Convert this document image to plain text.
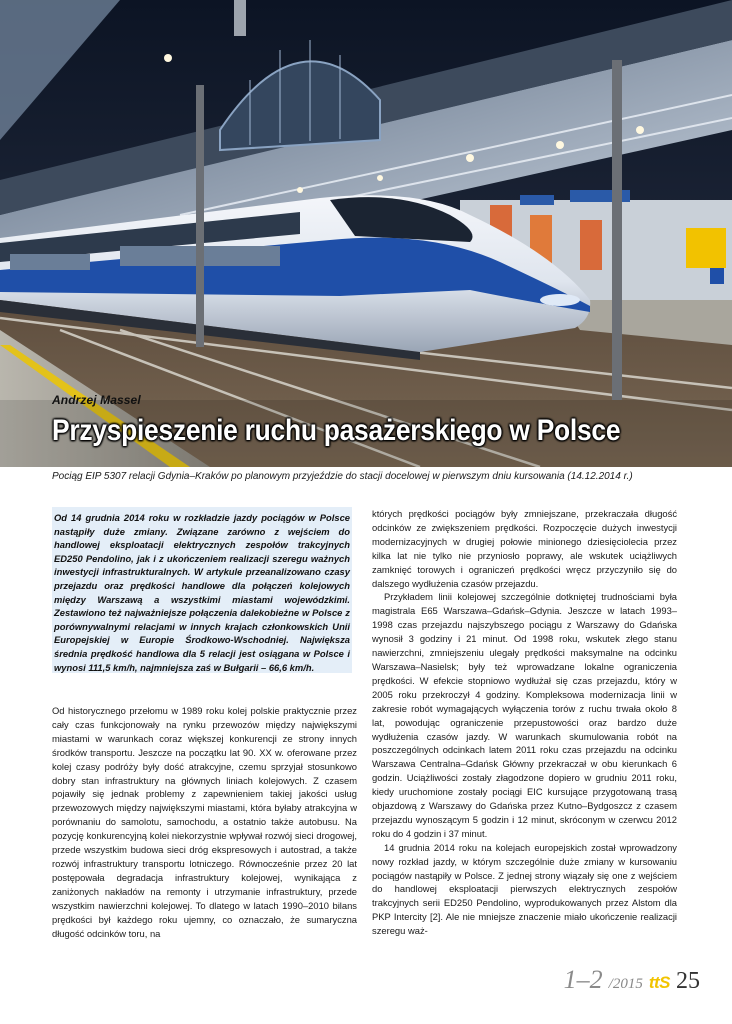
Andrzej Massel
Przyspieszenie ruchu pasażerskiego w Polsce
Pociąg EIP 5307 relacji Gdynia–Kraków po planowym przyjeździe do stacji docelowej w pierwszym dniu kursowania (14.12.2014 r.)

Od 14 grudnia 2014 roku w rozkładzie jazdy pociągów w Polsce nastąpiły duże zmiany. Związane zarówno z wejściem do handlowej eksploatacji elektrycznych zespołów trakcyjnych ED250 Pendolino, jak i z ukończeniem realizacji szeregu ważnych inwestycji infrastrukturalnych. W artykule przeanalizowano czasy przejazdu oraz prędkości handlowe dla połączeń kolejowych między Warszawą a wszystkimi miastami wojewódzkimi. Zestawiono też najważniejsze połączenia dalekobieżne w Polsce z porównywalnymi relacjami w innych krajach członkowskich Unii Europejskiej w Europie Środkowo-Wschodniej. Największa średnia prędkość handlowa dla 5 relacji jest osiągana w Polsce i wynosi 111,5 km/h, najmniejsza zaś w Bułgarii – 66,6 km/h.

Od historycznego przełomu w 1989 roku kolej polskie praktycznie przez cały czas funkcjonowały na rynku przewozów między największymi miastami w warunkach coraz większej konkurencji ze strony innych środków transportu. Jeszcze na początku lat 90. XX w. oferowane przez kolej czasy podróży były dość atrakcyjne, czemu sprzyjał stosunkowo dobry stan infrastruktury na głównych liniach kolejowych. Z czasem pojawiły się jednak problemy z zapewnieniem takiej jakości usług przewozowych między największymi miastami, która byłaby atrakcyjna w porównaniu do samolotu, samochodu, a ostatnio także autobusu. Na pozycję konkurencyjną kolei niekorzystnie wpływał rozwój sieci drogowej, przede wszystkim budowa sieci dróg ekspresowych i autostrad, a także rozwój infrastruktury transportu lotniczego. Równocześnie przez 20 lat postępowała degradacja infrastruktury kolejowej, wynikająca z zaniżonych nakładów na remonty i utrzymanie infrastruktury, przede wszystkim nawierzchni kolejowej. To dlatego w latach 1990–2010 bilans prędkości był każdego roku ujemny, co oznaczało, że sumaryczna długość odcinków toru, na

których prędkości pociągów były zmniejszane, przekraczała długość odcinków ze zwiększeniem prędkości. Rozpoczęcie dużych inwestycji modernizacyjnych w drugiej połowie minionego dziesięciolecia przez kilka lat nie tylko nie przyniosło poprawy, ale wskutek uciążliwych zamknięć torowych i ograniczeń prędkości wręcz przyczyniło się do dalszego wydłużenia czasów przejazdu.

Przykładem linii kolejowej szczególnie dotkniętej trudnościami była magistrala E65 Warszawa–Gdańsk–Gdynia. Jeszcze w latach 1993–1998 czas przejazdu najszybszego pociągu z Warszawy do Gdańska wynosił 3 godziny i 21 minut. Od 1998 roku, wskutek złego stanu nawierzchni, zmniejszeniu ulegały prędkości maksymalne na odcinku Warszawa–Nasielsk; były też wprowadzane lokalne ograniczenia prędkości. W efekcie stopniowo wydłużał się czas przejazdu, który w 2005 roku przekroczył 4 godziny. Kompleksowa modernizacja linii w zakresie robót wymagających wyłączenia torów z ruchu trwała około 8 lat, powodując ograniczenie przepustowości oraz bardzo duże wydłużenia czasów jazdy. W warunkach skumulowania robót na poszczególnych odcinkach latem 2011 roku czas przejazdu na odcinku Warszawa Centralna–Gdańsk Główny przekraczał w obu kierunkach 6 godzin. Uciążliwości zostały złagodzone dopiero w grudniu 2011 roku, kiedy uruchomione zostały pociągi EIC kursujące przygotowaną trasą objazdową z Warszawy do Gdańska przez Kutno–Bydgoszcz z czasem przejazdu wynoszącym 5 godzin i 12 minut, skróconym w czerwcu 2012 roku do 4 godzin i 37 minut.

14 grudnia 2014 roku na kolejach europejskich został wprowadzony nowy rozkład jazdy, w którym szczególnie duże zmiany w kursowaniu pociągów nastąpiły w Polsce. Z jednej strony wiązały się one z wejściem do handlowej eksploatacji pierwszych elektrycznych zespołów trakcyjnych serii ED250 Pendolino, wyprodukowanych przez Alstom dla PKP Intercity [2]. Ale nie mniejsze znaczenie miało ukończenie realizacji szeregu waż-

1–2 /2015 ttS 25
